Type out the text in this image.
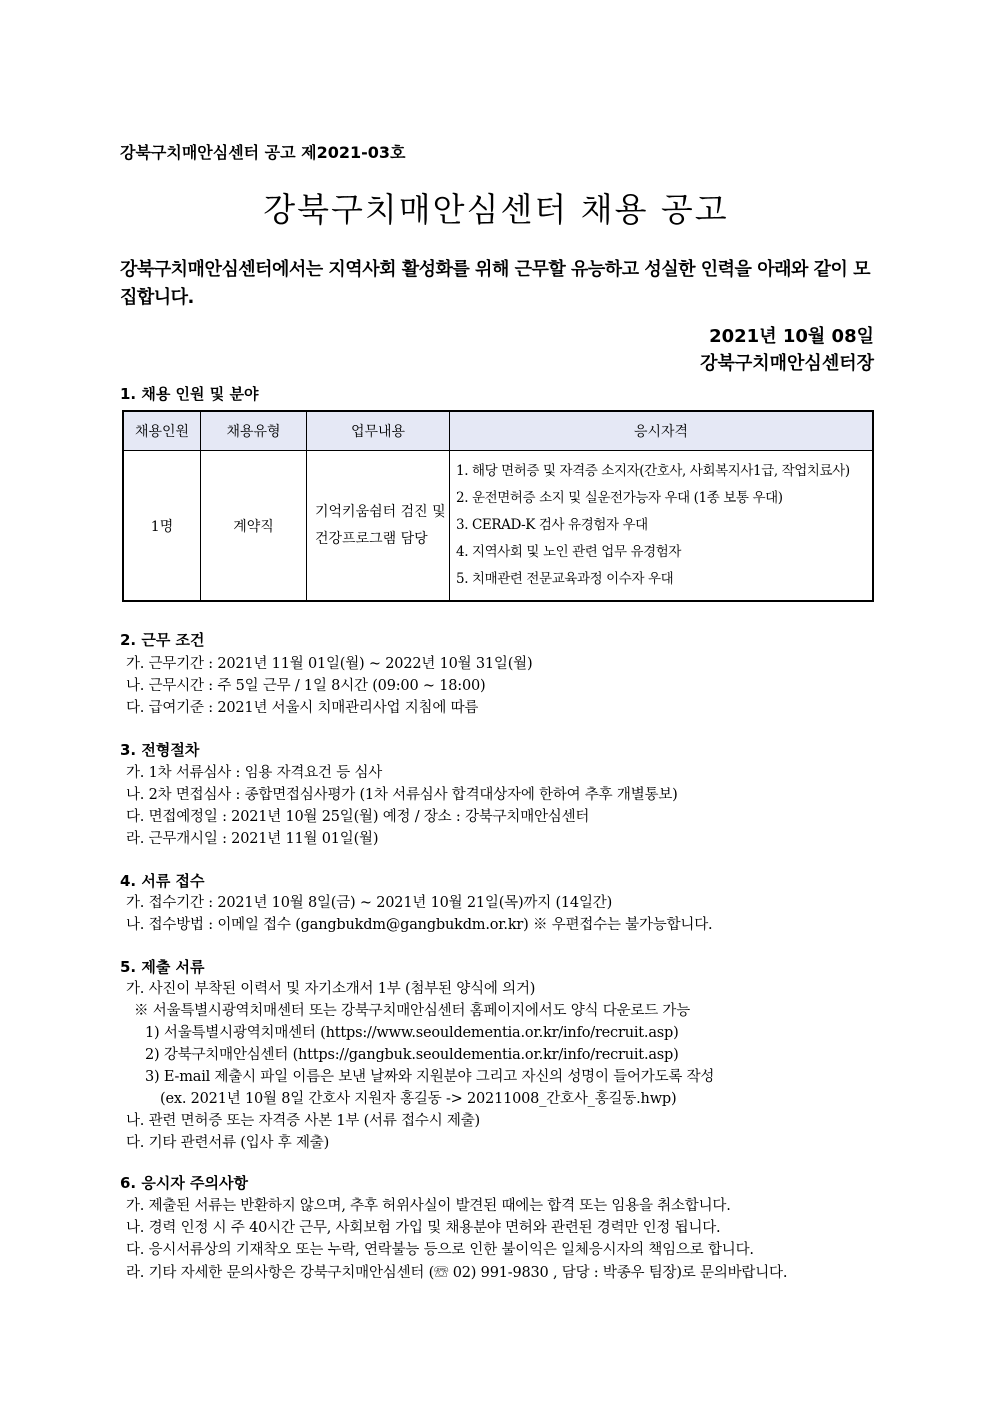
강북구치매안심센터 공고 제2021-03호
강북구치매안심센터 채용 공고
강북구치매안심센터에서는 지역사회 활성화를 위해 근무할 유능하고 성실한 인력을 아래와 같이 모집합니다.
2021년 10월 08일
강북구치매안심센터장
1. 채용 인원 및 분야
채용인원	채용유형	업무내용	응시자격
1명	계약직	기억키움쉼터 검진 및 건강프로그램 담당	1. 해당 면허증 및 자격증 소지자(간호사, 사회복지사1급, 작업치료사)
2. 운전면허증 소지 및 실운전가능자 우대 (1종 보통 우대)
3. CERAD-K 검사 유경험자 우대
4. 지역사회 및 노인 관련 업무 유경험자
5. 치매관련 전문교육과정 이수자 우대
2. 근무 조건
가. 근무기간 : 2021년 11월 01일(월) ~ 2022년 10월 31일(월)
나. 근무시간 : 주 5일 근무 / 1일 8시간 (09:00 ~ 18:00)
다. 급여기준 : 2021년 서울시 치매관리사업 지침에 따름
3. 전형절차
가. 1차 서류심사 : 임용 자격요건 등 심사
나. 2차 면접심사 : 종합면접심사평가 (1차 서류심사 합격대상자에 한하여 추후 개별통보)
다. 면접예정일 : 2021년 10월 25일(월) 예정 / 장소 : 강북구치매안심센터
라. 근무개시일 : 2021년 11월 01일(월)
4. 서류 접수
가. 접수기간 : 2021년 10월 8일(금) ~ 2021년 10월 21일(목)까지 (14일간)
나. 접수방법 : 이메일 접수 (gangbukdm@gangbukdm.or.kr) ※ 우편접수는 불가능합니다.
5. 제출 서류
가. 사진이 부착된 이력서 및 자기소개서 1부 (첨부된 양식에 의거)
※ 서울특별시광역치매센터 또는 강북구치매안심센터 홈페이지에서도 양식 다운로드 가능
1) 서울특별시광역치매센터 (https://www.seouldementia.or.kr/info/recruit.asp)
2) 강북구치매안심센터 (https://gangbuk.seouldementia.or.kr/info/recruit.asp)
3) E-mail 제출시 파일 이름은 보낸 날짜와 지원분야 그리고 자신의 성명이 들어가도록 작성
(ex. 2021년 10월 8일 간호사 지원자 홍길동 -> 20211008_간호사_홍길동.hwp)
나. 관련 면허증 또는 자격증 사본 1부 (서류 접수시 제출)
다. 기타 관련서류 (입사 후 제출)
6. 응시자 주의사항
가. 제출된 서류는 반환하지 않으며, 추후 허위사실이 발견된 때에는 합격 또는 임용을 취소합니다.
나. 경력 인정 시 주 40시간 근무, 사회보험 가입 및 채용분야 면허와 관련된 경력만 인정 됩니다.
다. 응시서류상의 기재착오 또는 누락, 연락불능 등으로 인한 불이익은 일체응시자의 책임으로 합니다.
라. 기타 자세한 문의사항은 강북구치매안심센터 (☏ 02) 991-9830 , 담당 : 박종우 팀장)로 문의바랍니다.
